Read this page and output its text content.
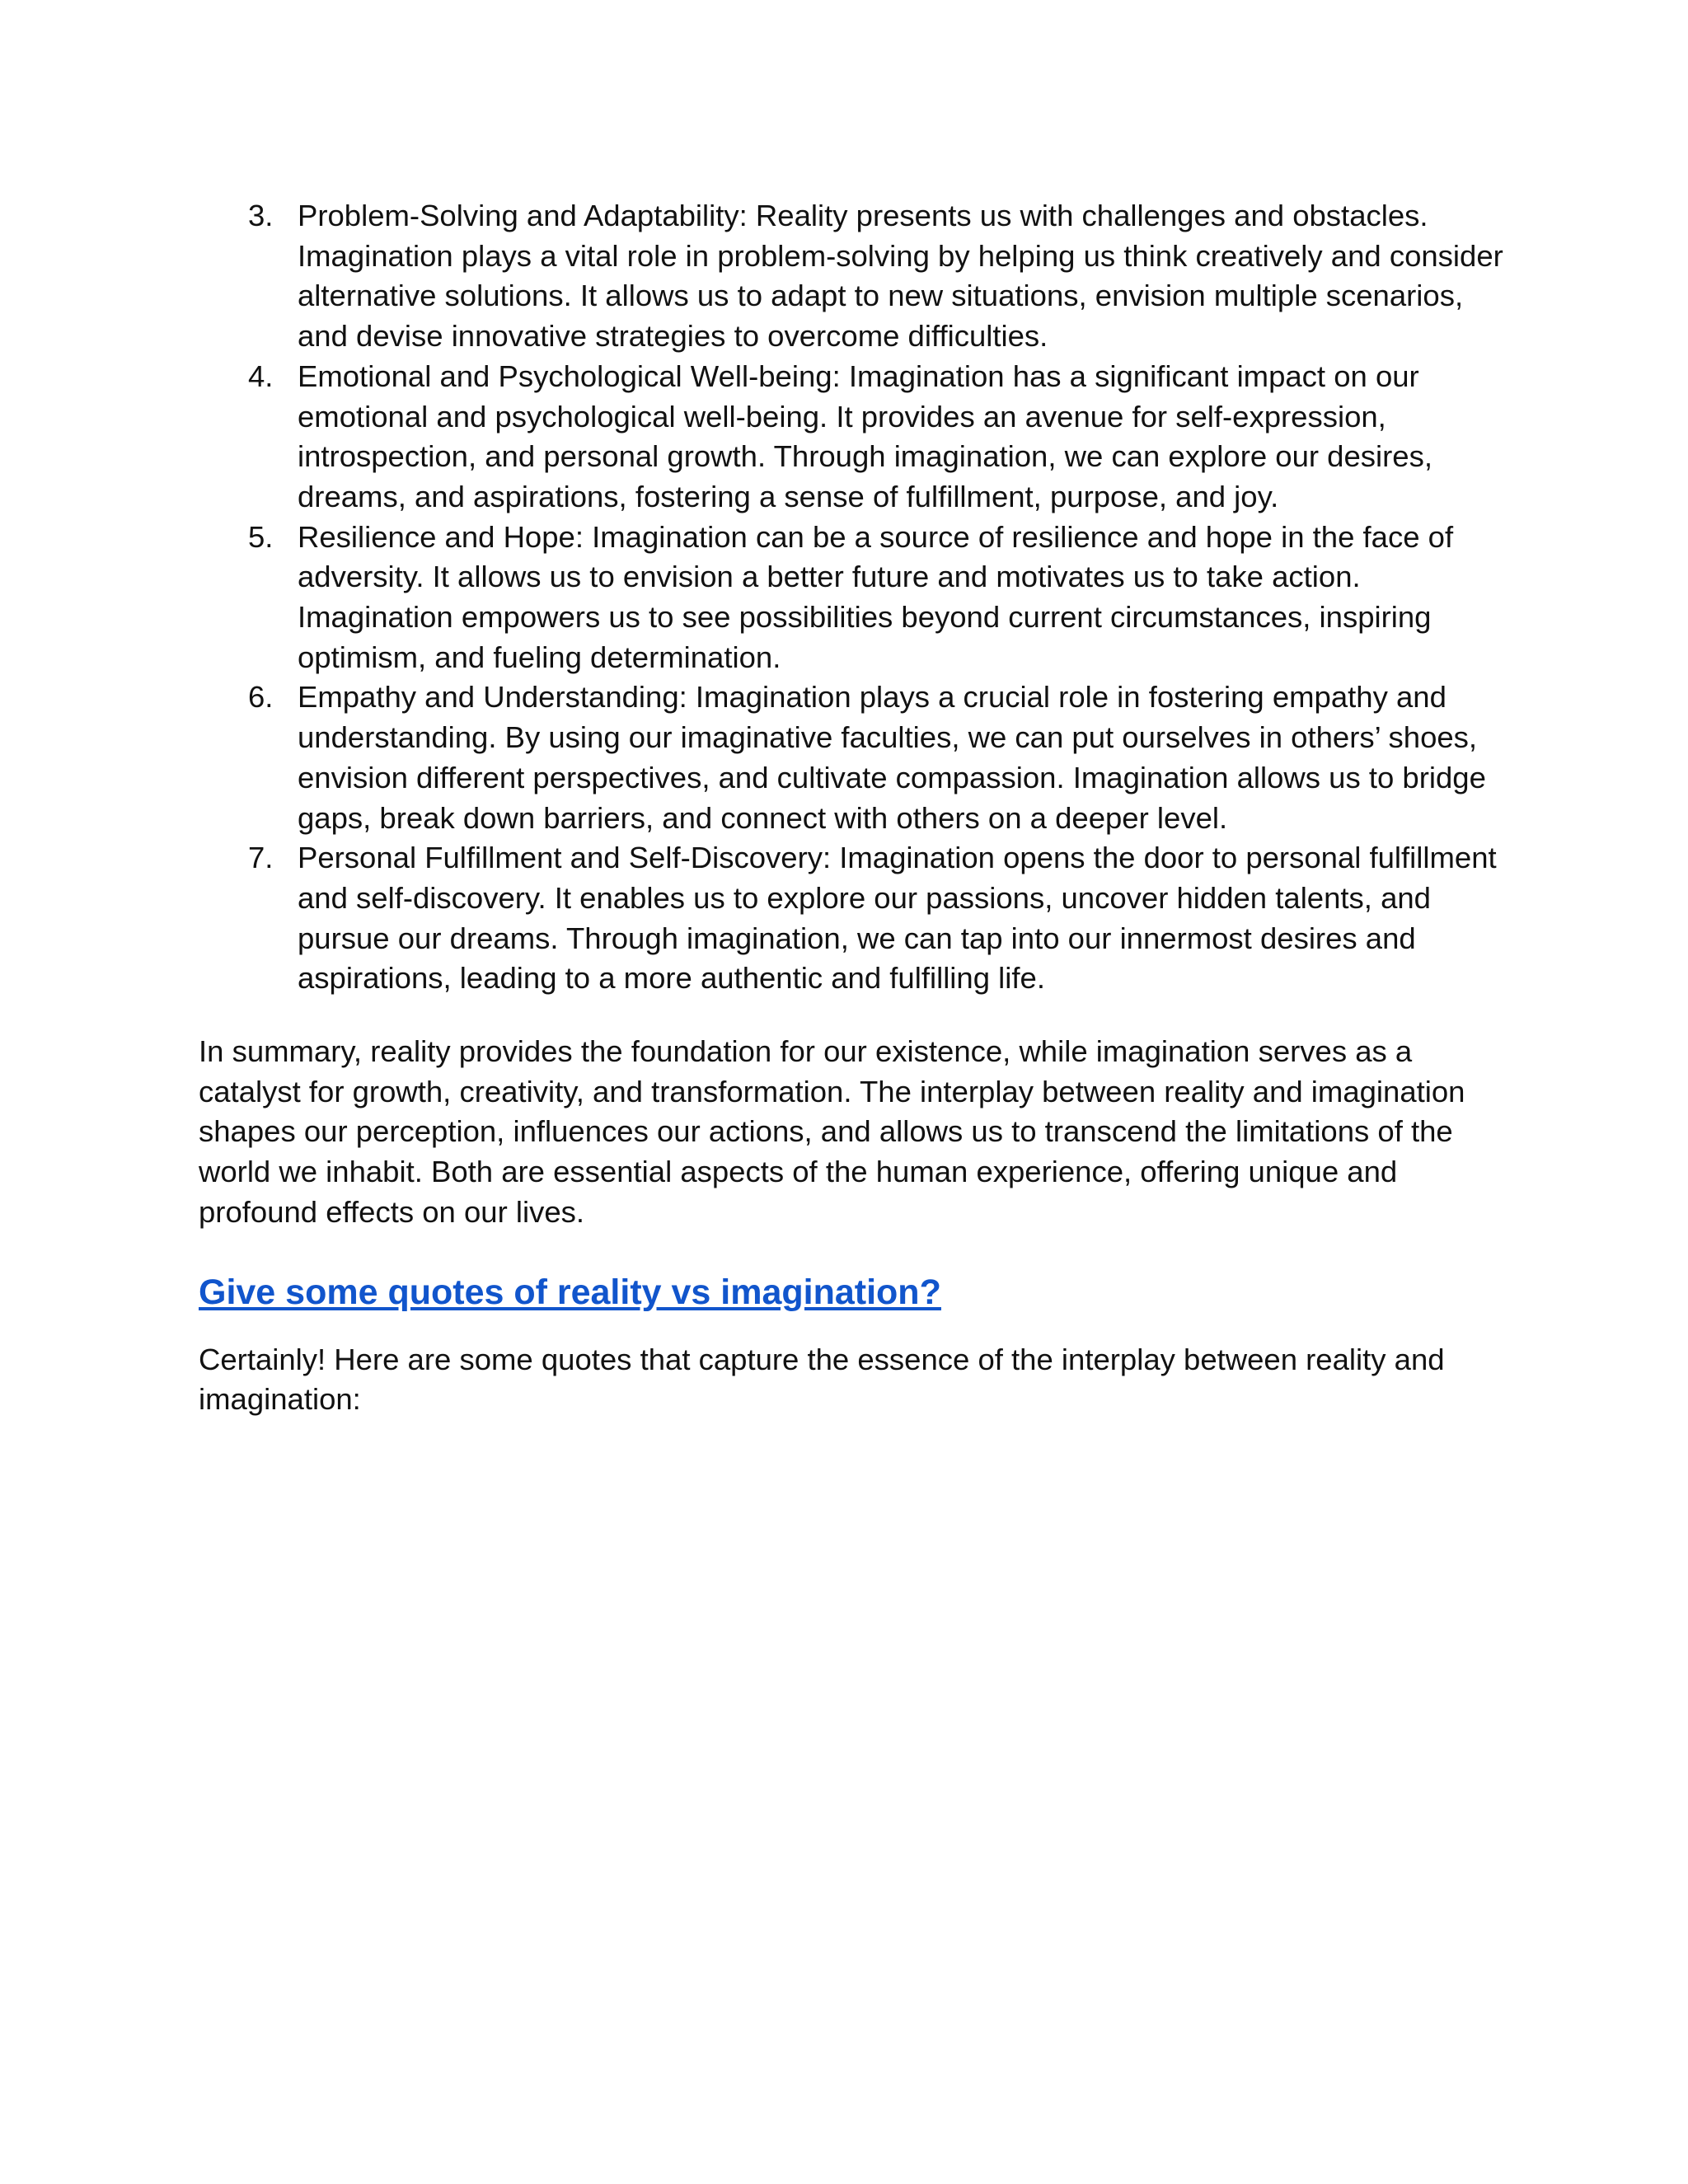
3. Problem-Solving and Adaptability: Reality presents us with challenges and obstacles. Imagination plays a vital role in problem-solving by helping us think creatively and consider alternative solutions. It allows us to adapt to new situations, envision multiple scenarios, and devise innovative strategies to overcome difficulties.
4. Emotional and Psychological Well-being: Imagination has a significant impact on our emotional and psychological well-being. It provides an avenue for self-expression, introspection, and personal growth. Through imagination, we can explore our desires, dreams, and aspirations, fostering a sense of fulfillment, purpose, and joy.
5. Resilience and Hope: Imagination can be a source of resilience and hope in the face of adversity. It allows us to envision a better future and motivates us to take action. Imagination empowers us to see possibilities beyond current circumstances, inspiring optimism, and fueling determination.
6. Empathy and Understanding: Imagination plays a crucial role in fostering empathy and understanding. By using our imaginative faculties, we can put ourselves in others’ shoes, envision different perspectives, and cultivate compassion. Imagination allows us to bridge gaps, break down barriers, and connect with others on a deeper level.
7. Personal Fulfillment and Self-Discovery: Imagination opens the door to personal fulfillment and self-discovery. It enables us to explore our passions, uncover hidden talents, and pursue our dreams. Through imagination, we can tap into our innermost desires and aspirations, leading to a more authentic and fulfilling life.

In summary, reality provides the foundation for our existence, while imagination serves as a catalyst for growth, creativity, and transformation. The interplay between reality and imagination shapes our perception, influences our actions, and allows us to transcend the limitations of the world we inhabit. Both are essential aspects of the human experience, offering unique and profound effects on our lives.

Give some quotes of reality vs imagination?

Certainly! Here are some quotes that capture the essence of the interplay between reality and imagination:
